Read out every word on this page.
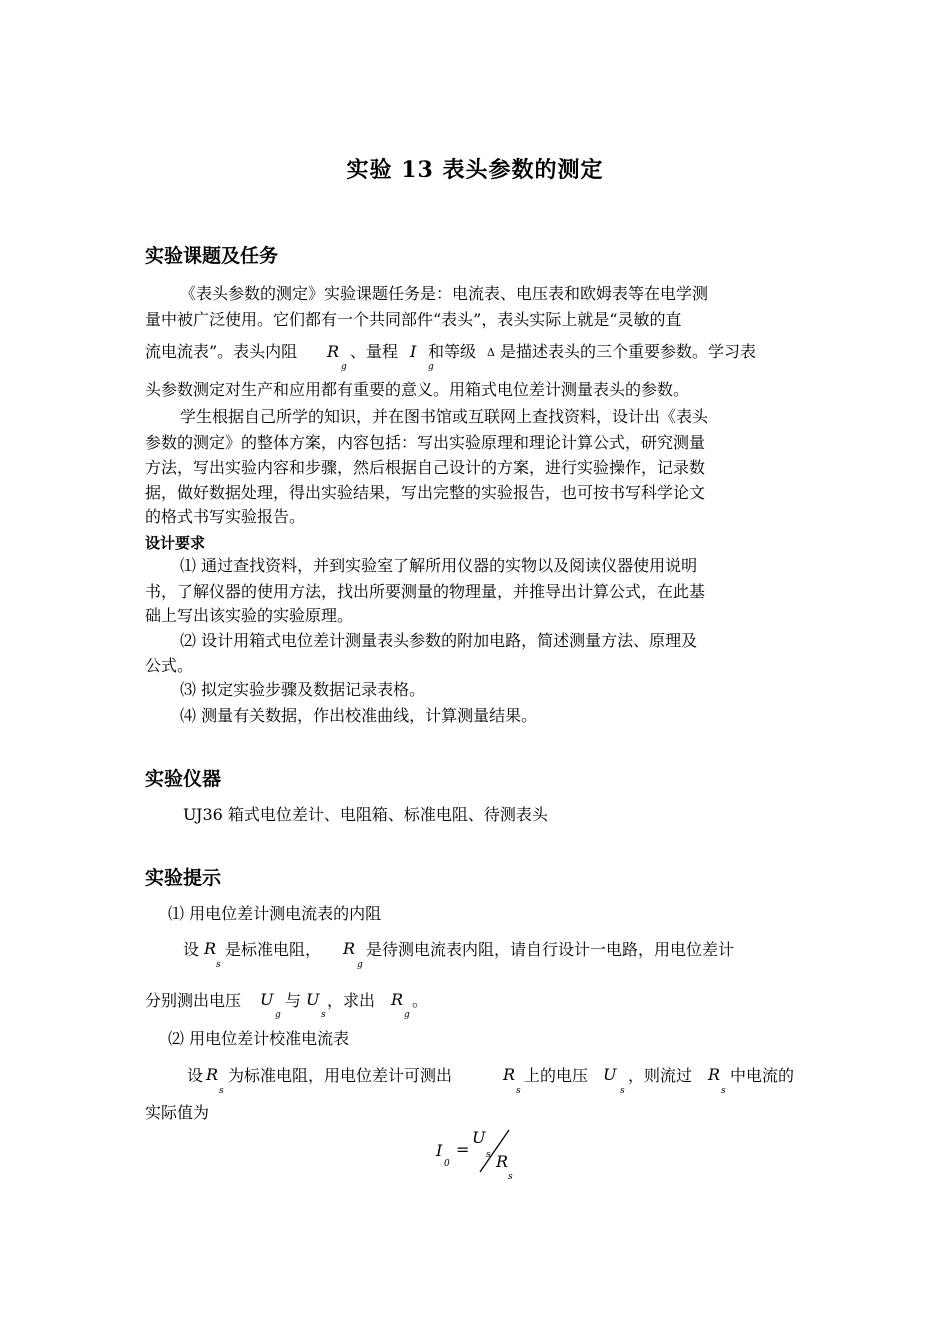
实验 13 表头参数的测定
实验课题及任务
《表头参数的测定》实验课题任务是：电流表、电压表和欧姆表等在电学测
量中被广泛使用。它们都有一个共同部件“表头”，表头实际上就是“灵敏的直
流电流表”。表头内阻 R
g
、量程 I
g
和等级 Δ 是描述表头的三个重要参数。学习表
头参数测定对生产和应用都有重要的意义。用箱式电位差计测量表头的参数。
学生根据自己所学的知识，并在图书馆或互联网上查找资料，设计出《表头
参数的测定》的整体方案，内容包括：写出实验原理和理论计算公式，研究测量
方法，写出实验内容和步骤，然后根据自己设计的方案，进行实验操作，记录数
据，做好数据处理，得出实验结果，写出完整的实验报告，也可按书写科学论文
的格式书写实验报告。
设计要求
⑴ 通过查找资料，并到实验室了解所用仪器的实物以及阅读仪器使用说明
书，了解仪器的使用方法，找出所要测量的物理量，并推导出计算公式，在此基
础上写出该实验的实验原理。
⑵ 设计用箱式电位差计测量表头参数的附加电路，简述测量方法、原理及
公式。
⑶ 拟定实验步骤及数据记录表格。
⑷ 测量有关数据，作出校准曲线，计算测量结果。
实验仪器
UJ36 箱式电位差计、电阻箱、标准电阻、待测表头
实验提示
⑴ 用电位差计测电流表的内阻
设 R
s
是标准电阻， R
g
是待测电流表内阻，请自行设计一电路，用电位差计
分别测出电压 U
g
与 U
s
，求出 R
g
。
⑵ 用电位差计校准电流表
设 R
s
为标准电阻，用电位差计可测出	R
s
上的电压 U
s
，则流过 R
s
中电流的
实际值为
I
0
=
U
s R
s
